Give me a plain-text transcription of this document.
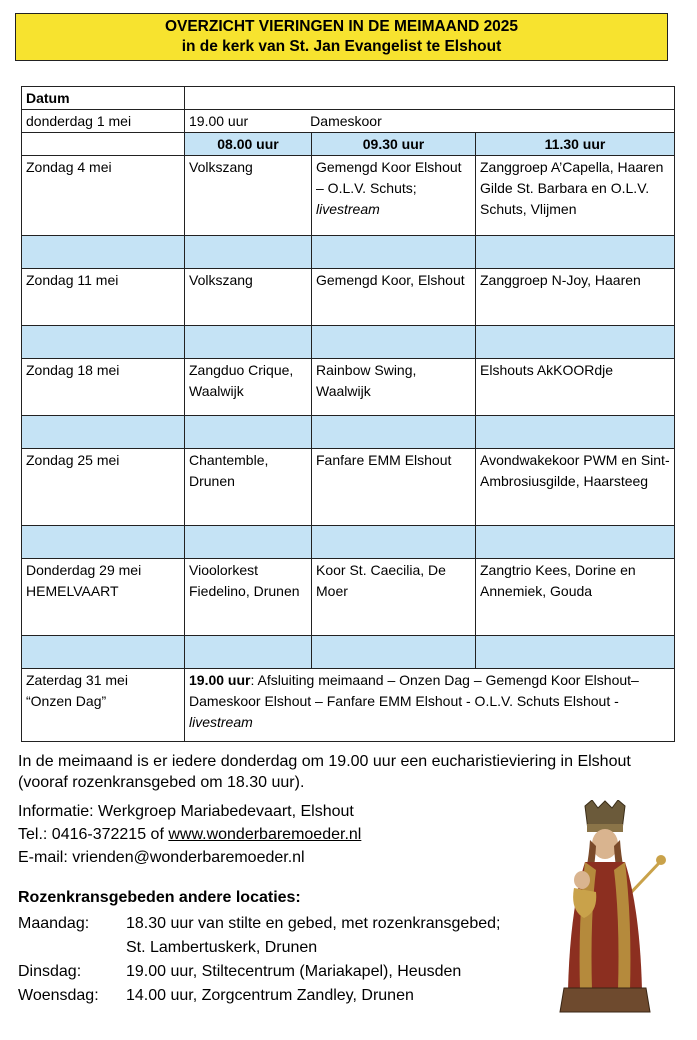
OVERZICHT VIERINGEN IN DE MEIMAAND 2025
in de kerk van St. Jan Evangelist te Elshout
Datum			
donderdag 1 mei	19.00 uur Dameskoor		
	08.00 uur	09.30 uur	11.30 uur
Zondag 4 mei	Volkszang	Gemengd Koor Elshout – O.L.V. Schuts; livestream	Zanggroep A’Capella, Haaren
Gilde St. Barbara en O.L.V. Schuts, Vlijmen

Zondag 11 mei	Volkszang	Gemengd Koor, Elshout	Zanggroep N-Joy, Haaren

Zondag 18 mei	Zangduo Crique, Waalwijk	Rainbow Swing, Waalwijk	Elshouts AkKOORdje

Zondag 25 mei	Chantemble, Drunen	Fanfare EMM Elshout	Avondwakekoor PWM en Sint-Ambrosiusgilde, Haarsteeg

Donderdag 29 mei
HEMELVAART	Vioolorkest Fiedelino, Drunen	Koor St. Caecilia, De Moer	Zangtrio Kees, Dorine en Annemiek, Gouda

Zaterdag 31 mei
“Onzen Dag”	19.00 uur: Afsluiting meimaand – Onzen Dag – Gemengd Koor Elshout– Dameskoor Elshout – Fanfare EMM Elshout - O.L.V. Schuts Elshout - livestream		
In de meimaand is er iedere donderdag om 19.00 uur een eucharistieviering in Elshout (vooraf rozenkransgebed om 18.30 uur).
Informatie: Werkgroep Mariabedevaart, Elshout
Tel.: 0416-372215 of www.wonderbaremoeder.nl
E-mail: vrienden@wonderbaremoeder.nl
Rozenkransgebeden andere locaties:
Maandag:	18.30 uur van stilte en gebed, met rozenkransgebed;
St. Lambertuskerk, Drunen
Dinsdag:	19.00 uur, Stiltecentrum (Mariakapel), Heusden
Woensdag:	14.00 uur, Zorgcentrum Zandley, Drunen
